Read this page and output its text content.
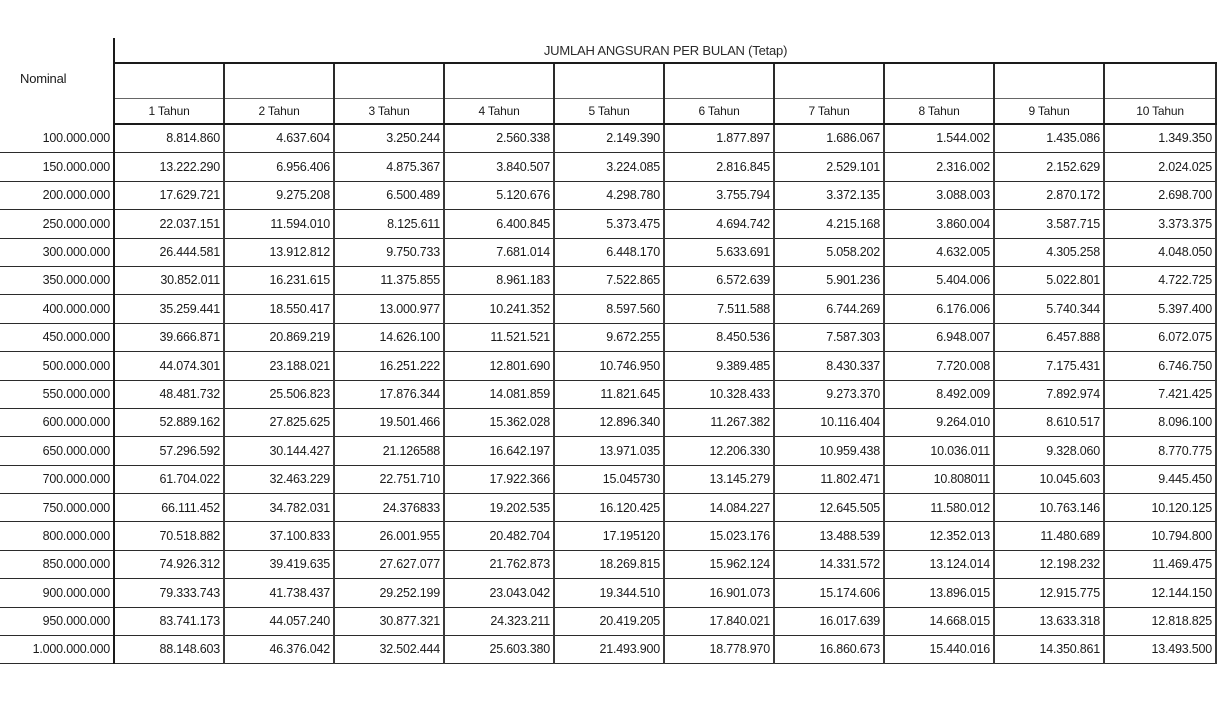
Nominal	JUMLAH ANGSURAN PER BULAN (Tetap)									

	1 Tahun	2 Tahun	3 Tahun	4 Tahun	5 Tahun	6 Tahun	7 Tahun	8 Tahun	9 Tahun	10 Tahun
100.000.000	8.814.860	4.637.604	3.250.244	2.560.338	2.149.390	1.877.897	1.686.067	1.544.002	1.435.086	1.349.350
150.000.000	13.222.290	6.956.406	4.875.367	3.840.507	3.224.085	2.816.845	2.529.101	2.316.002	2.152.629	2.024.025
200.000.000	17.629.721	9.275.208	6.500.489	5.120.676	4.298.780	3.755.794	3.372.135	3.088.003	2.870.172	2.698.700
250.000.000	22.037.151	11.594.010	8.125.611	6.400.845	5.373.475	4.694.742	4.215.168	3.860.004	3.587.715	3.373.375
300.000.000	26.444.581	13.912.812	9.750.733	7.681.014	6.448.170	5.633.691	5.058.202	4.632.005	4.305.258	4.048.050
350.000.000	30.852.011	16.231.615	11.375.855	8.961.183	7.522.865	6.572.639	5.901.236	5.404.006	5.022.801	4.722.725
400.000.000	35.259.441	18.550.417	13.000.977	10.241.352	8.597.560	7.511.588	6.744.269	6.176.006	5.740.344	5.397.400
450.000.000	39.666.871	20.869.219	14.626.100	11.521.521	9.672.255	8.450.536	7.587.303	6.948.007	6.457.888	6.072.075
500.000.000	44.074.301	23.188.021	16.251.222	12.801.690	10.746.950	9.389.485	8.430.337	7.720.008	7.175.431	6.746.750
550.000.000	48.481.732	25.506.823	17.876.344	14.081.859	11.821.645	10.328.433	9.273.370	8.492.009	7.892.974	7.421.425
600.000.000	52.889.162	27.825.625	19.501.466	15.362.028	12.896.340	11.267.382	10.116.404	9.264.010	8.610.517	8.096.100
650.000.000	57.296.592	30.144.427	21.126588	16.642.197	13.971.035	12.206.330	10.959.438	10.036.011	9.328.060	8.770.775
700.000.000	61.704.022	32.463.229	22.751.710	17.922.366	15.045730	13.145.279	11.802.471	10.808011	10.045.603	9.445.450
750.000.000	66.111.452	34.782.031	24.376833	19.202.535	16.120.425	14.084.227	12.645.505	11.580.012	10.763.146	10.120.125
800.000.000	70.518.882	37.100.833	26.001.955	20.482.704	17.195120	15.023.176	13.488.539	12.352.013	11.480.689	10.794.800
850.000.000	74.926.312	39.419.635	27.627.077	21.762.873	18.269.815	15.962.124	14.331.572	13.124.014	12.198.232	11.469.475
900.000.000	79.333.743	41.738.437	29.252.199	23.043.042	19.344.510	16.901.073	15.174.606	13.896.015	12.915.775	12.144.150
950.000.000	83.741.173	44.057.240	30.877.321	24.323.211	20.419.205	17.840.021	16.017.639	14.668.015	13.633.318	12.818.825
1.000.000.000	88.148.603	46.376.042	32.502.444	25.603.380	21.493.900	18.778.970	16.860.673	15.440.016	14.350.861	13.493.500
